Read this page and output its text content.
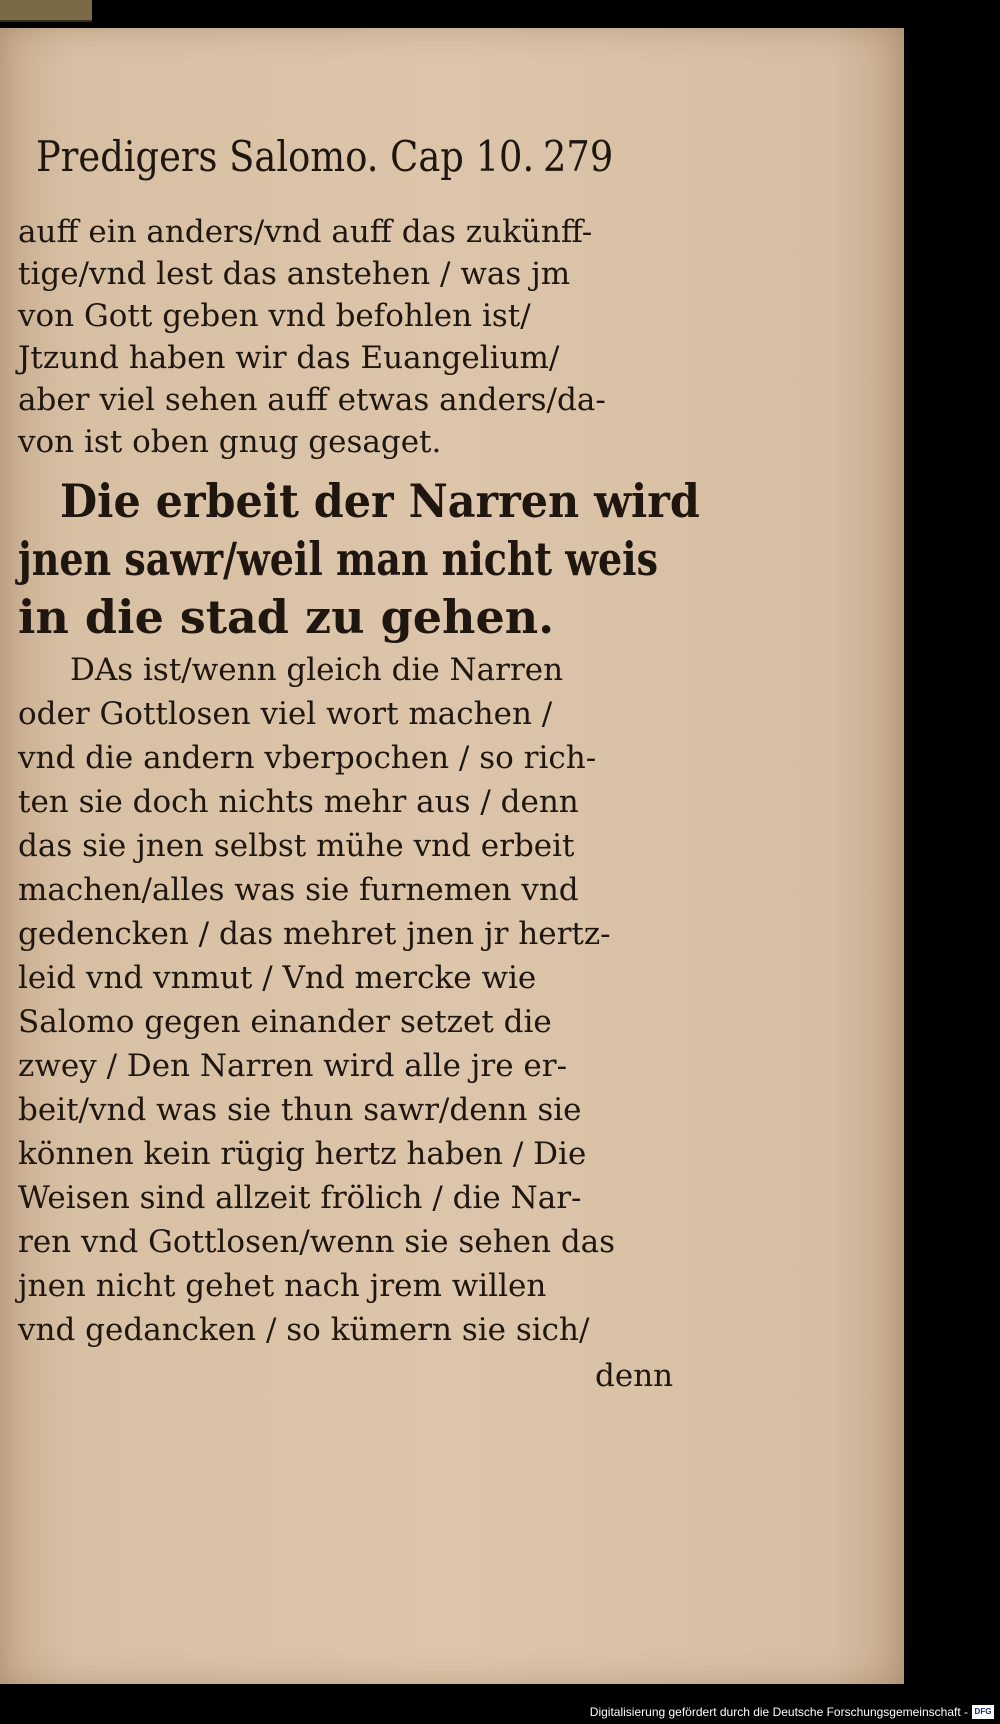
Predigers Salomo. Cap 10. 279
auff ein anders/vnd auff das zukünff-
tige/vnd lest das anstehen / was jm
von Gott geben vnd befohlen ist/
Jtzund haben wir das Euangelium/
aber viel sehen auff etwas anders/da-
von ist oben gnug gesaget.
Die erbeit der Narren wird
jnen sawr/weil man nicht weis
in die stad zu gehen.
DAs ist/wenn gleich die Narren
oder Gottlosen viel wort machen /
vnd die andern vberpochen / so rich-
ten sie doch nichts mehr aus / denn
das sie jnen selbst mühe vnd erbeit
machen/alles was sie furnemen vnd
gedencken / das mehret jnen jr hertz-
leid vnd vnmut / Vnd mercke wie
Salomo gegen einander setzet die
zwey / Den Narren wird alle jre er-
beit/vnd was sie thun sawr/denn sie
können kein rügig hertz haben / Die
Weisen sind allzeit frölich / die Nar-
ren vnd Gottlosen/wenn sie sehen das
jnen nicht gehet nach jrem willen
vnd gedancken / so kümern sie sich/
denn
Digitalisierung gefördert durch die Deutsche Forschungsgemeinschaft - DFG
